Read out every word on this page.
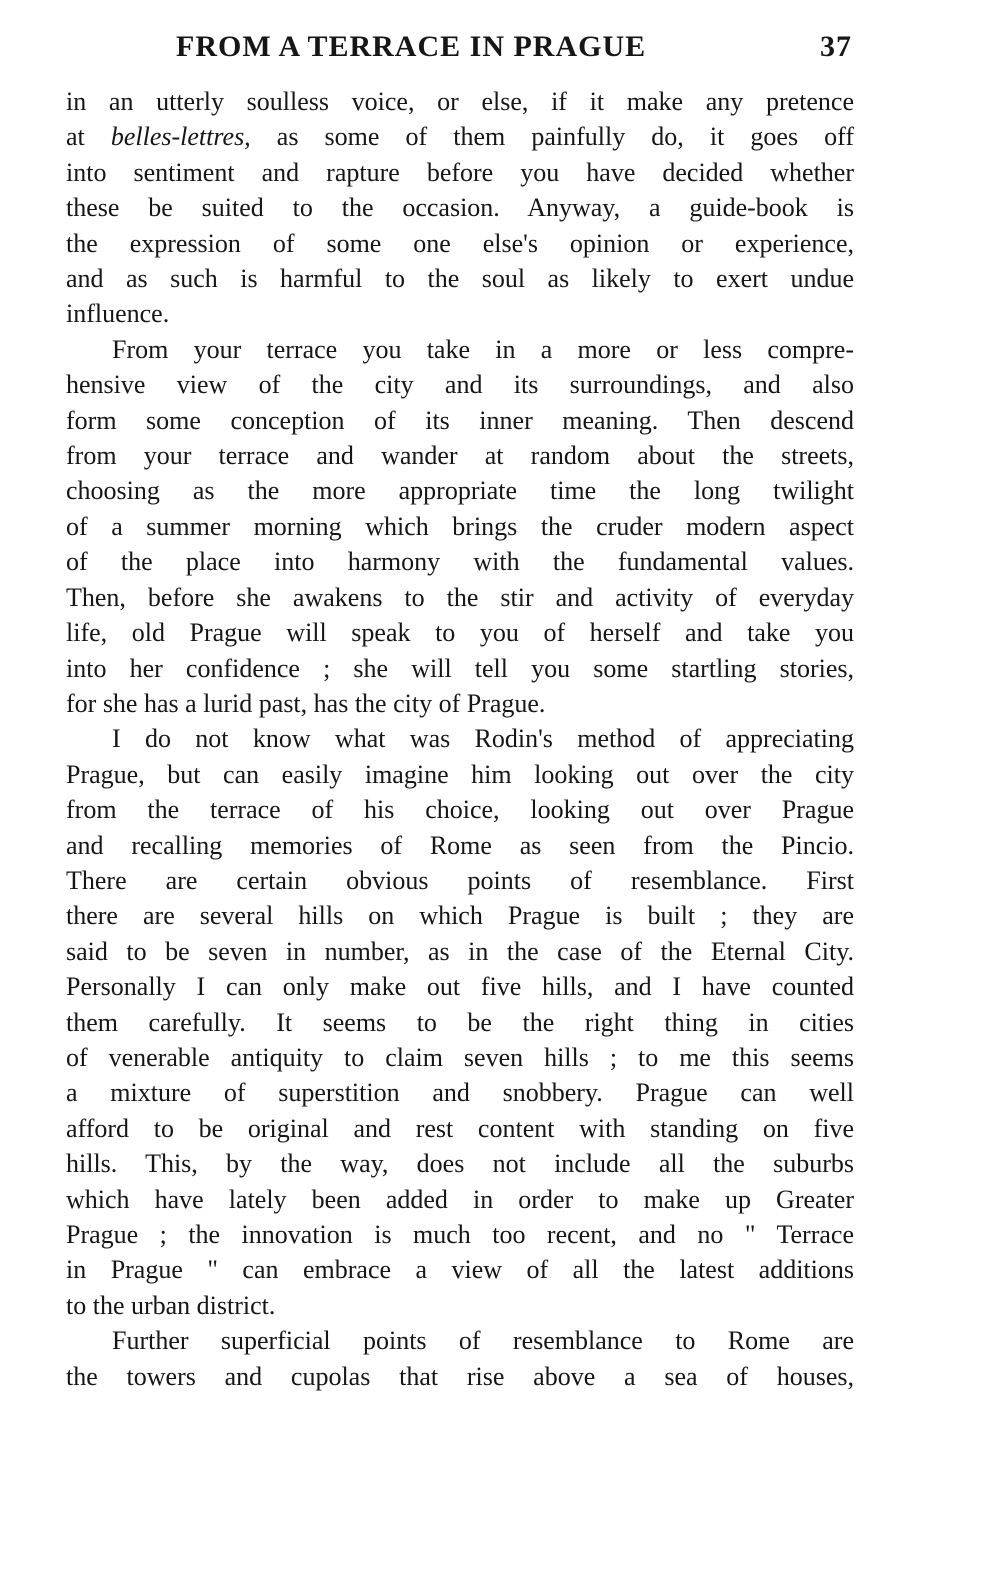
FROM A TERRACE IN PRAGUE	37

in an utterly soulless voice, or else, if it make any pretence
at belles-lettres, as some of them painfully do, it goes off
into sentiment and rapture before you have decided whether
these be suited to the occasion. Anyway, a guide-book is
the expression of some one else's opinion or experience,
and as such is harmful to the soul as likely to exert undue
influence.

From your terrace you take in a more or less compre-
hensive view of the city and its surroundings, and also
form some conception of its inner meaning. Then descend
from your terrace and wander at random about the streets,
choosing as the more appropriate time the long twilight
of a summer morning which brings the cruder modern aspect
of the place into harmony with the fundamental values.
Then, before she awakens to the stir and activity of everyday
life, old Prague will speak to you of herself and take you
into her confidence ; she will tell you some startling stories,
for she has a lurid past, has the city of Prague.

I do not know what was Rodin's method of appreciating
Prague, but can easily imagine him looking out over the city
from the terrace of his choice, looking out over Prague
and recalling memories of Rome as seen from the Pincio.
There are certain obvious points of resemblance. First
there are several hills on which Prague is built ; they are
said to be seven in number, as in the case of the Eternal City.
Personally I can only make out five hills, and I have counted
them carefully. It seems to be the right thing in cities
of venerable antiquity to claim seven hills ; to me this seems
a mixture of superstition and snobbery. Prague can well
afford to be original and rest content with standing on five
hills. This, by the way, does not include all the suburbs
which have lately been added in order to make up Greater
Prague ; the innovation is much too recent, and no " Terrace
in Prague " can embrace a view of all the latest additions
to the urban district.

Further superficial points of resemblance to Rome are
the towers and cupolas that rise above a sea of houses,
